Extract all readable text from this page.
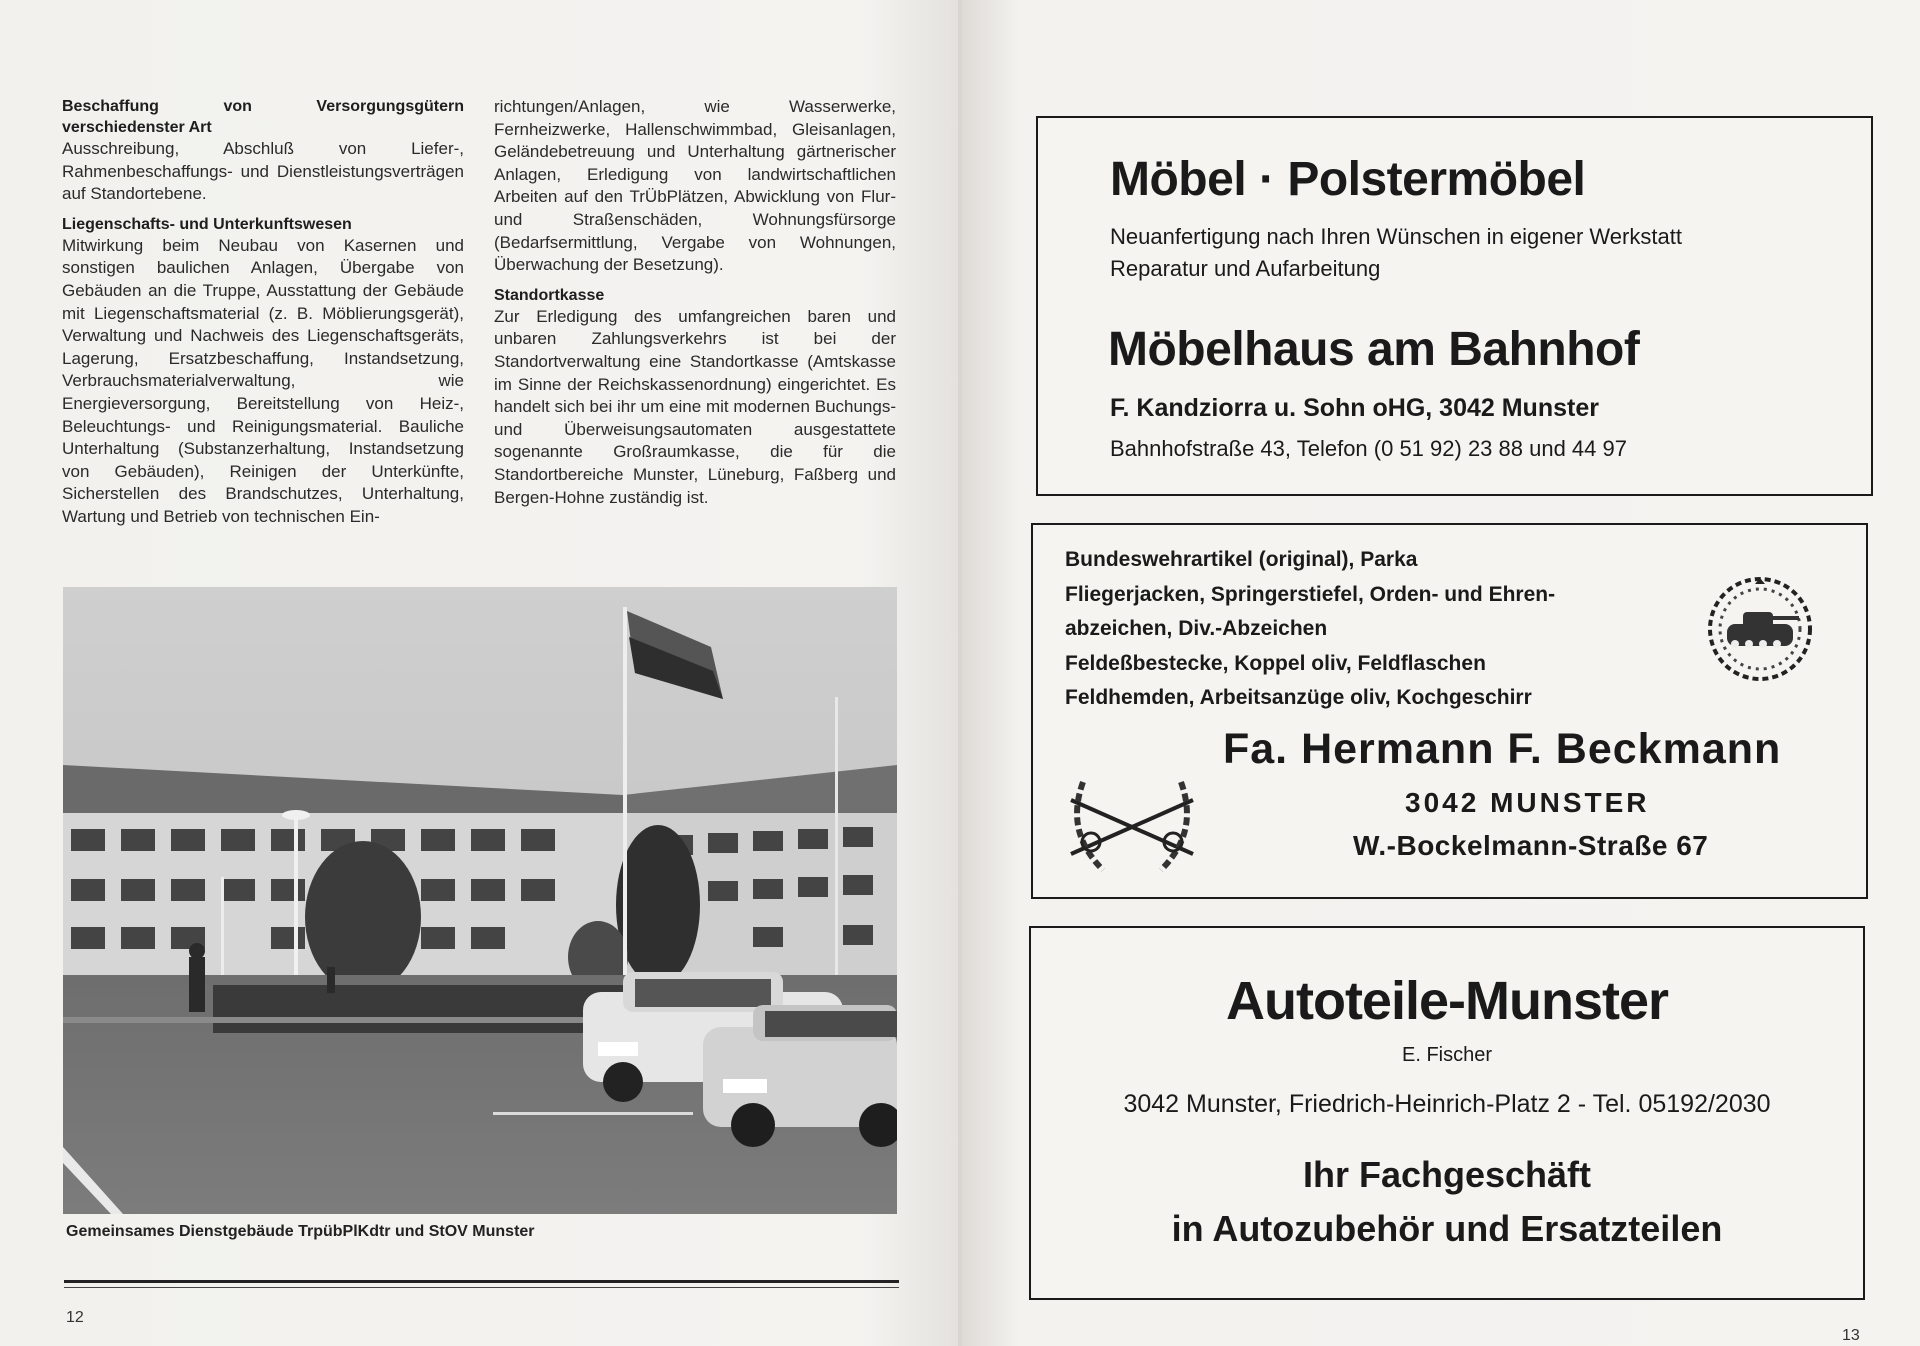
Beschaffung von Versorgungsgütern verschiedenster Art

Ausschreibung, Abschluß von Liefer-, Rahmenbeschaffungs- und Dienstleistungsverträgen auf Standortebene.

Liegenschafts- und Unterkunftswesen

Mitwirkung beim Neubau von Kasernen und sonstigen baulichen Anlagen, Übergabe von Gebäuden an die Truppe, Ausstattung der Gebäude mit Liegenschaftsmaterial (z. B. Möblierungsgerät), Verwaltung und Nachweis des Liegenschaftsgeräts, Lagerung, Ersatzbeschaffung, Instandsetzung, Verbrauchsmaterialverwaltung, wie Energieversorgung, Bereitstellung von Heiz-, Beleuchtungs- und Reinigungsmaterial. Bauliche Unterhaltung (Substanzerhaltung, Instandsetzung von Gebäuden), Reinigen der Unterkünfte, Sicherstellen des Brandschutzes, Unterhaltung, Wartung und Betrieb von technischen Ein-

richtungen/Anlagen, wie Wasserwerke, Fernheizwerke, Hallenschwimmbad, Gleisanlagen, Geländebetreuung und Unterhaltung gärtnerischer Anlagen, Erledigung von landwirtschaftlichen Arbeiten auf den TrÜbPlätzen, Abwicklung von Flur- und Straßenschäden, Wohnungsfürsorge (Bedarfsermittlung, Vergabe von Wohnungen, Überwachung der Besetzung).

Standortkasse

Zur Erledigung des umfangreichen baren und unbaren Zahlungsverkehrs ist bei der Standortverwaltung eine Standortkasse (Amtskasse im Sinne der Reichskassenordnung) eingerichtet. Es handelt sich bei ihr um eine mit modernen Buchungs- und Überweisungsautomaten ausgestattete sogenannte Großraumkasse, die für die Standortbereiche Munster, Lüneburg, Faßberg und Bergen-Hohne zuständig ist.

Gemeinsames Dienstgebäude TrpübPlKdtr und StOV Munster
12
Möbel · Polstermöbel
Neuanfertigung nach Ihren Wünschen in eigener Werkstatt
Reparatur und Aufarbeitung
Möbelhaus am Bahnhof
F. Kandziorra u. Sohn oHG, 3042 Munster
Bahnhofstraße 43, Telefon (0 51 92) 23 88 und 44 97
Bundeswehrartikel (original), Parka
Fliegerjacken, Springerstiefel, Orden- und Ehren-
abzeichen, Div.-Abzeichen
Feldeßbestecke, Koppel oliv, Feldflaschen
Feldhemden, Arbeitsanzüge oliv, Kochgeschirr
Fa. Hermann F. Beckmann
3042 MUNSTER
W.-Bockelmann-Straße 67
Autoteile-Munster
E. Fischer
3042 Munster, Friedrich-Heinrich-Platz 2 - Tel. 05192/2030
Ihr Fachgeschäft
in Autozubehör und Ersatzteilen
13
